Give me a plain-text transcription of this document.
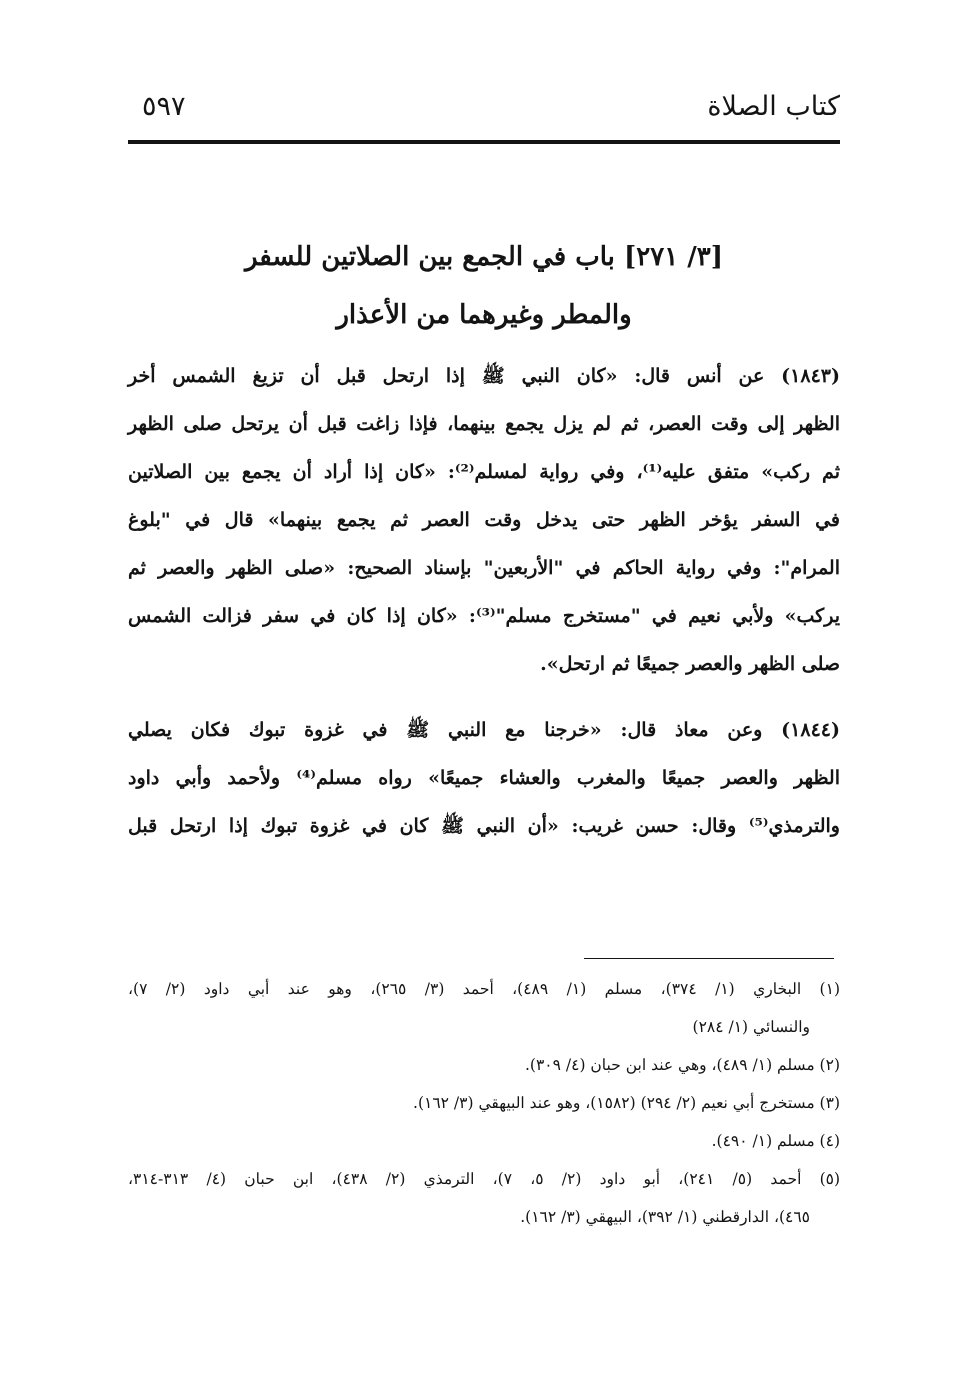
كتاب الصلاة
٥٩٧
[٣/ ٢٧١] باب في الجمع بين الصلاتين للسفر
والمطر وغيرهما من الأعذار
(١٨٤٣) عن أنس قال: «كان النبي ﷺ إذا ارتحل قبل أن تزيغ الشمس أخر
الظهر إلى وقت العصر، ثم لم يزل يجمع بينهما، فإذا زاغت قبل أن يرتحل صلى الظهر
ثم ركب» متفق عليه⁽¹⁾، وفي رواية لمسلم⁽²⁾: «كان إذا أراد أن يجمع بين الصلاتين
في السفر يؤخر الظهر حتى يدخل وقت العصر ثم يجمع بينهما» قال في "بلوغ
المرام": وفي رواية الحاكم في "الأربعين" بإسناد الصحيح: «صلى الظهر والعصر ثم
يركب» ولأبي نعيم في "مستخرج مسلم"⁽³⁾: «كان إذا كان في سفر فزالت الشمس
صلى الظهر والعصر جميعًا ثم ارتحل».
(١٨٤٤) وعن معاذ قال: «خرجنا مع النبي ﷺ في غزوة تبوك فكان يصلي
الظهر والعصر جميعًا والمغرب والعشاء جميعًا» رواه مسلم⁽⁴⁾ ولأحمد وأبي داود
والترمذي⁽⁵⁾ وقال: حسن غريب: «أن النبي ﷺ كان في غزوة تبوك إذا ارتحل قبل
(١) البخاري (١/ ٣٧٤)، مسلم (١/ ٤٨٩)، أحمد (٣/ ٢٦٥)، وهو عند أبي داود (٢/ ٧)،
والنسائي (١/ ٢٨٤)
(٢) مسلم (١/ ٤٨٩)، وهي عند ابن حبان (٤/ ٣٠٩).
(٣) مستخرج أبي نعيم (٢/ ٢٩٤) (١٥٨٢)، وهو عند البيهقي (٣/ ١٦٢).
(٤) مسلم (١/ ٤٩٠).
(٥) أحمد (٥/ ٢٤١)، أبو داود (٢/ ٥، ٧)، الترمذي (٢/ ٤٣٨)، ابن حبان (٤/ ٣١٣-٣١٤،
٤٦٥)، الدارقطني (١/ ٣٩٢)، البيهقي (٣/ ١٦٢).
